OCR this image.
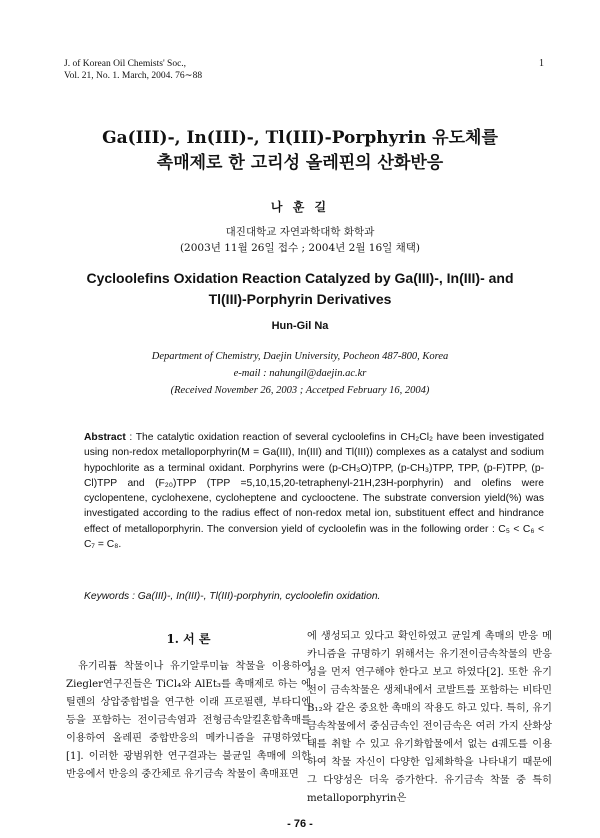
J. of Korean Oil Chemists' Soc.,
Vol. 21, No. 1. March, 2004. 76∼88
1
Ga(III)-, In(III)-, Tl(III)-Porphyrin 유도체를
촉매제로 한 고리성 올레핀의 산화반응
나 훈 길
대진대학교 자연과학대학 화학과
(2003년 11월 26일 접수 ; 2004년 2월 16일 채택)
Cycloolefins Oxidation Reaction Catalyzed by Ga(III)-, In(III)- and
Tl(III)-Porphyrin Derivatives
Hun-Gil Na
Department of Chemistry, Daejin University, Pocheon 487-800, Korea
e-mail : nahungil@daejin.ac.kr
(Received November 26, 2003 ; Accetped February 16, 2004)
Abstract : The catalytic oxidation reaction of several cycloolefins in CH₂Cl₂ have been investigated using non-redox metalloporphyrin(M = Ga(III), In(III) and Tl(III)) complexes as a catalyst and sodium hypochlorite as a terminal oxidant. Porphyrins were (p-CH₃O)TPP, (p-CH₃)TPP, TPP, (p-F)TPP, (p-Cl)TPP and (F₂₀)TPP (TPP =5,10,15,20-tetraphenyl-21H,23H-porphyrin) and olefins were cyclopentene, cyclohexene, cycloheptene and cyclooctene. The substrate conversion yield(%) was investigated according to the radius effect of non-redox metal ion, substituent effect and hindrance effect of metalloporphyrin. The conversion yield of cycloolefin was in the following order : C₅ < C₆ < C₇ = C₈.
Keywords : Ga(III)-, In(III)-, Tl(III)-porphyrin, cycloolefin oxidation.
1. 서 론

유기리튬 착물이나 유기알루미늄 착물을 이용하여 Ziegler연구진들은 TiCl₄와 AlEt₃를 촉매제로 하는 에틸렌의 상압중합법을 연구한 이래 프로필렌, 부타디엔 등을 포함하는 전이금속염과 전형금속알킬혼합촉매를 이용하여 올레핀 중합반응의 메카니즘을 규명하였다[1]. 이러한 광범위한 연구결과는 불균일 촉매에 의한 반응에서 반응의 중간체로 유기금속 착물이 촉매표면

에 생성되고 있다고 확인하였고 균일계 촉매의 반응 메카니즘을 규명하기 위해서는 유기전이금속착물의 반응성을 먼저 연구해야 한다고 보고 하였다[2]. 또한 유기전이 금속착물은 생체내에서 코발트를 포함하는 비타민 B₁₂와 같은 중요한 촉매의 작용도 하고 있다. 특히, 유기금속착물에서 중심금속인 전이금속은 여러 가지 산화상태를 취할 수 있고 유기화합물에서 없는 d궤도를 이용하여 착물 자신이 다양한 입체화학을 나타내기 때문에 그 다양성은 더욱 증가한다. 유기금속 착물 중 특히 metalloporphyrin은

- 76 -
